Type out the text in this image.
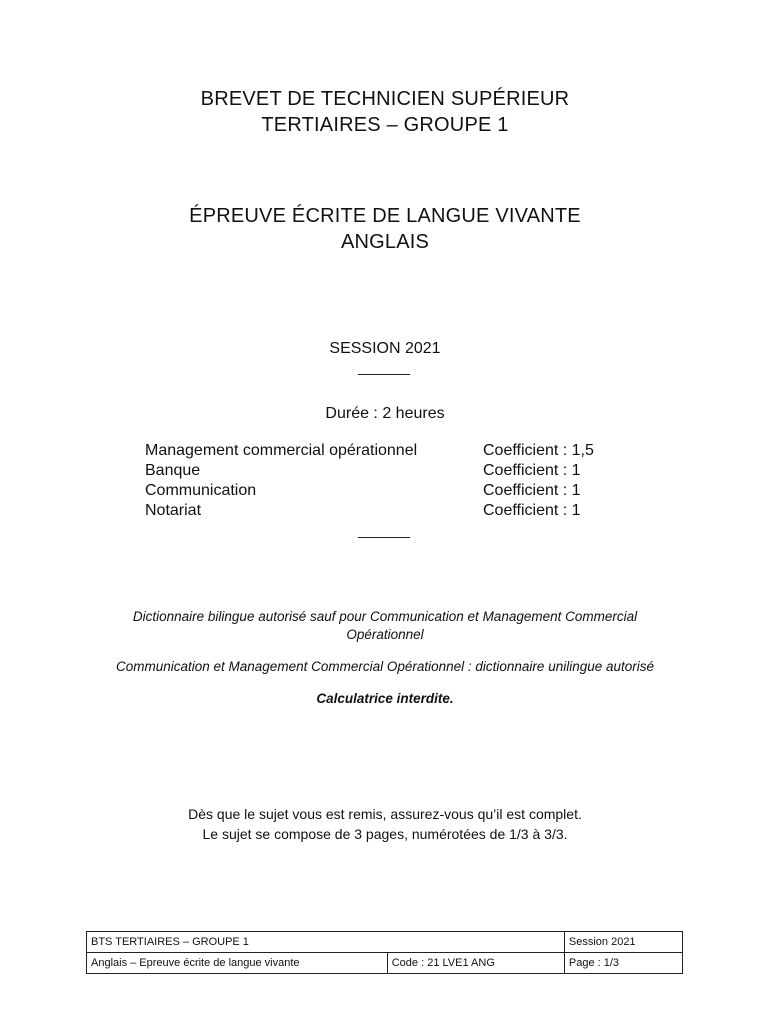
BREVET DE TECHNICIEN SUPÉRIEUR
TERTIAIRES – GROUPE 1
ÉPREUVE ÉCRITE DE LANGUE VIVANTE
ANGLAIS
SESSION 2021
Durée : 2 heures
Management commercial opérationnel	Coefficient : 1,5
Banque	Coefficient : 1
Communication	Coefficient : 1
Notariat	Coefficient : 1
Dictionnaire bilingue autorisé sauf pour Communication et Management Commercial
Opérationnel
Communication et Management Commercial Opérationnel : dictionnaire unilingue autorisé
Calculatrice interdite.
Dès que le sujet vous est remis, assurez-vous qu’il est complet.
Le sujet se compose de 3 pages, numérotées de 1/3 à 3/3.
BTS TERTIAIRES – GROUPE 1		Session 2021
Anglais – Epreuve écrite de langue vivante	Code : 21 LVE1 ANG	Page : 1/3
